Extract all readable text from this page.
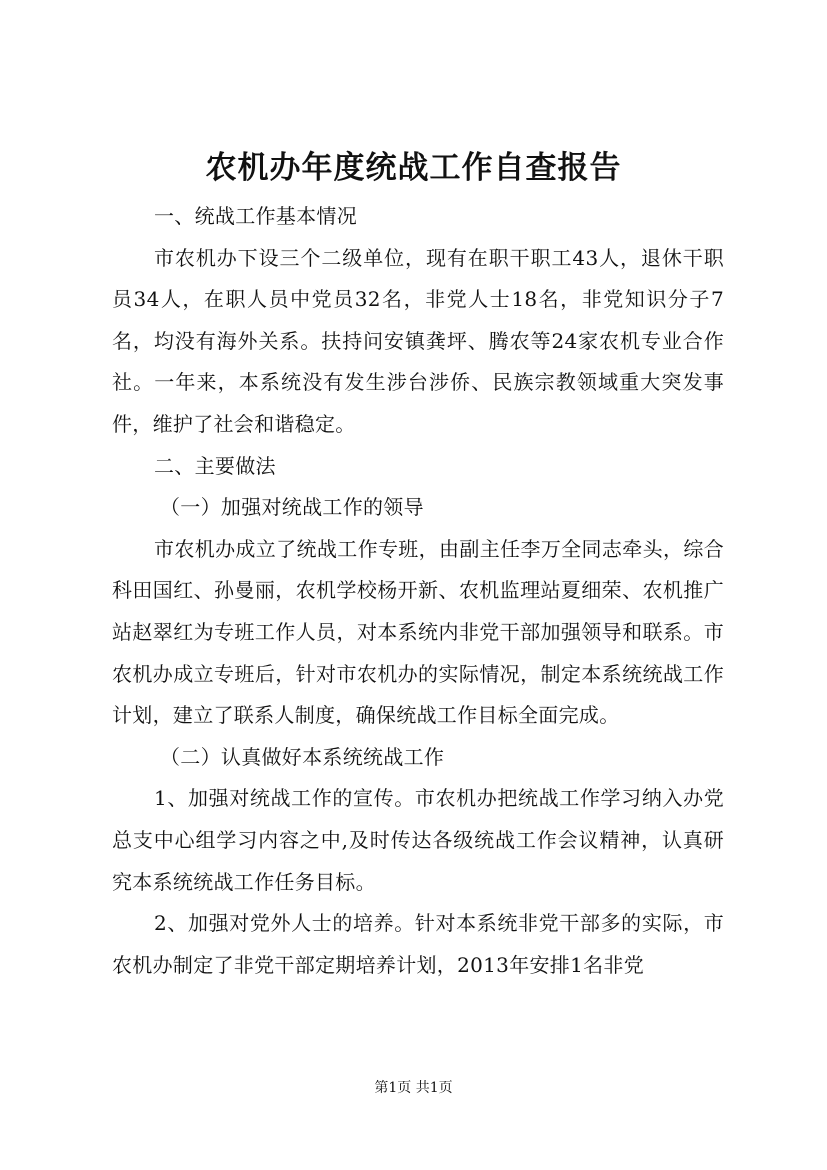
农机办年度统战工作自查报告

一、统战工作基本情况

市农机办下设三个二级单位，现有在职干职工43人，退休干职员34人，在职人员中党员32名，非党人士18名，非党知识分子7名，均没有海外关系。扶持问安镇龚坪、腾农等24家农机专业合作社。一年来，本系统没有发生涉台涉侨、民族宗教领域重大突发事件，维护了社会和谐稳定。

二、主要做法

（一）加强对统战工作的领导

市农机办成立了统战工作专班，由副主任李万全同志牵头，综合科田国红、孙曼丽，农机学校杨开新、农机监理站夏细荣、农机推广站赵翠红为专班工作人员，对本系统内非党干部加强领导和联系。市农机办成立专班后，针对市农机办的实际情况，制定本系统统战工作计划，建立了联系人制度，确保统战工作目标全面完成。

（二）认真做好本系统统战工作

1、加强对统战工作的宣传。市农机办把统战工作学习纳入办党总支中心组学习内容之中,及时传达各级统战工作会议精神，认真研究本系统统战工作任务目标。

2、加强对党外人士的培养。针对本系统非党干部多的实际，市农机办制定了非党干部定期培养计划，2013年安排1名非党

第1页 共1页
